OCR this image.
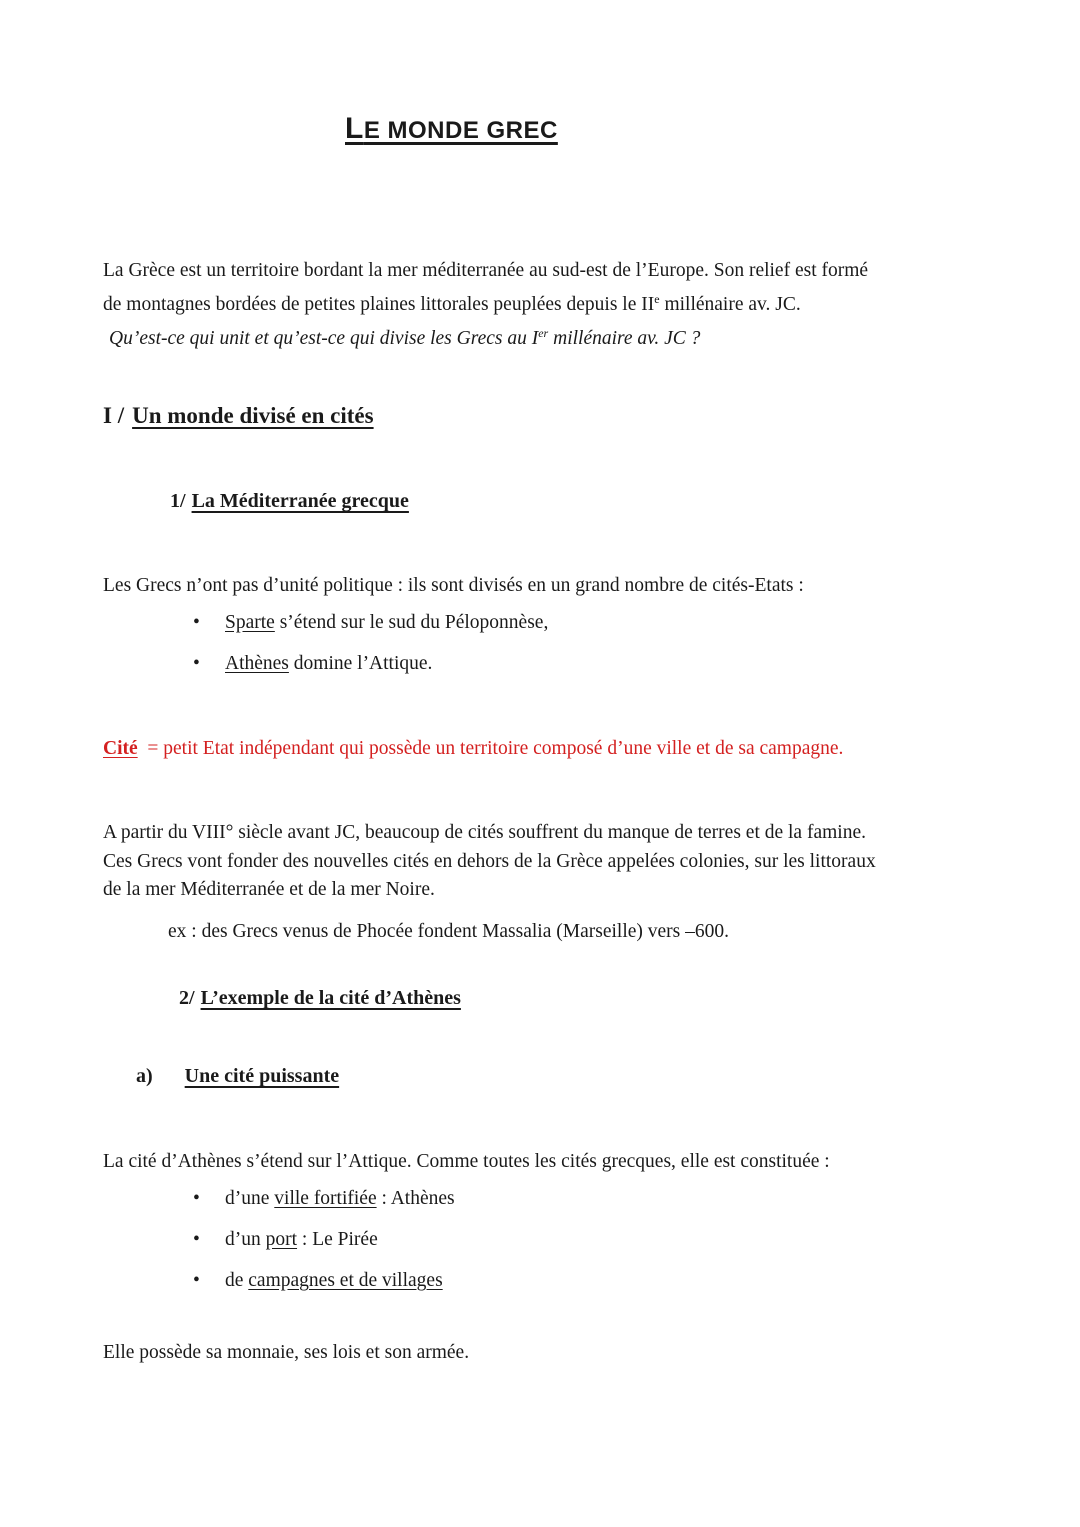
LE MONDE GREC
La Grèce est un territoire bordant la mer méditerranée au sud-est de l’Europe. Son relief est formé
de montagnes bordées de petites plaines littorales peuplées depuis le IIe millénaire av. JC.
Qu’est-ce qui unit et qu’est-ce qui divise les Grecs au Ier millénaire av. JC ?
I / Un monde divisé en cités
1/ La Méditerranée grecque
Les Grecs n’ont pas d’unité politique : ils sont divisés en un grand nombre de cités-Etats :
• Sparte s’étend sur le sud du Péloponnèse,
• Athènes domine l’Attique.
Cité  = petit Etat indépendant qui possède un territoire composé d’une ville et de sa campagne.
A partir du VIII° siècle avant JC, beaucoup de cités souffrent du manque de terres et de la famine.
Ces Grecs vont fonder des nouvelles cités en dehors de la Grèce appelées colonies, sur les littoraux
de la mer Méditerranée et de la mer Noire.
ex : des Grecs venus de Phocée fondent Massalia (Marseille) vers –600.
2/ L’exemple de la cité d’Athènes
a) Une cité puissante
La cité d’Athènes s’étend sur l’Attique. Comme toutes les cités grecques, elle est constituée :
• d’une ville fortifiée : Athènes
• d’un port : Le Pirée
• de campagnes et de villages
Elle possède sa monnaie, ses lois et son armée.
